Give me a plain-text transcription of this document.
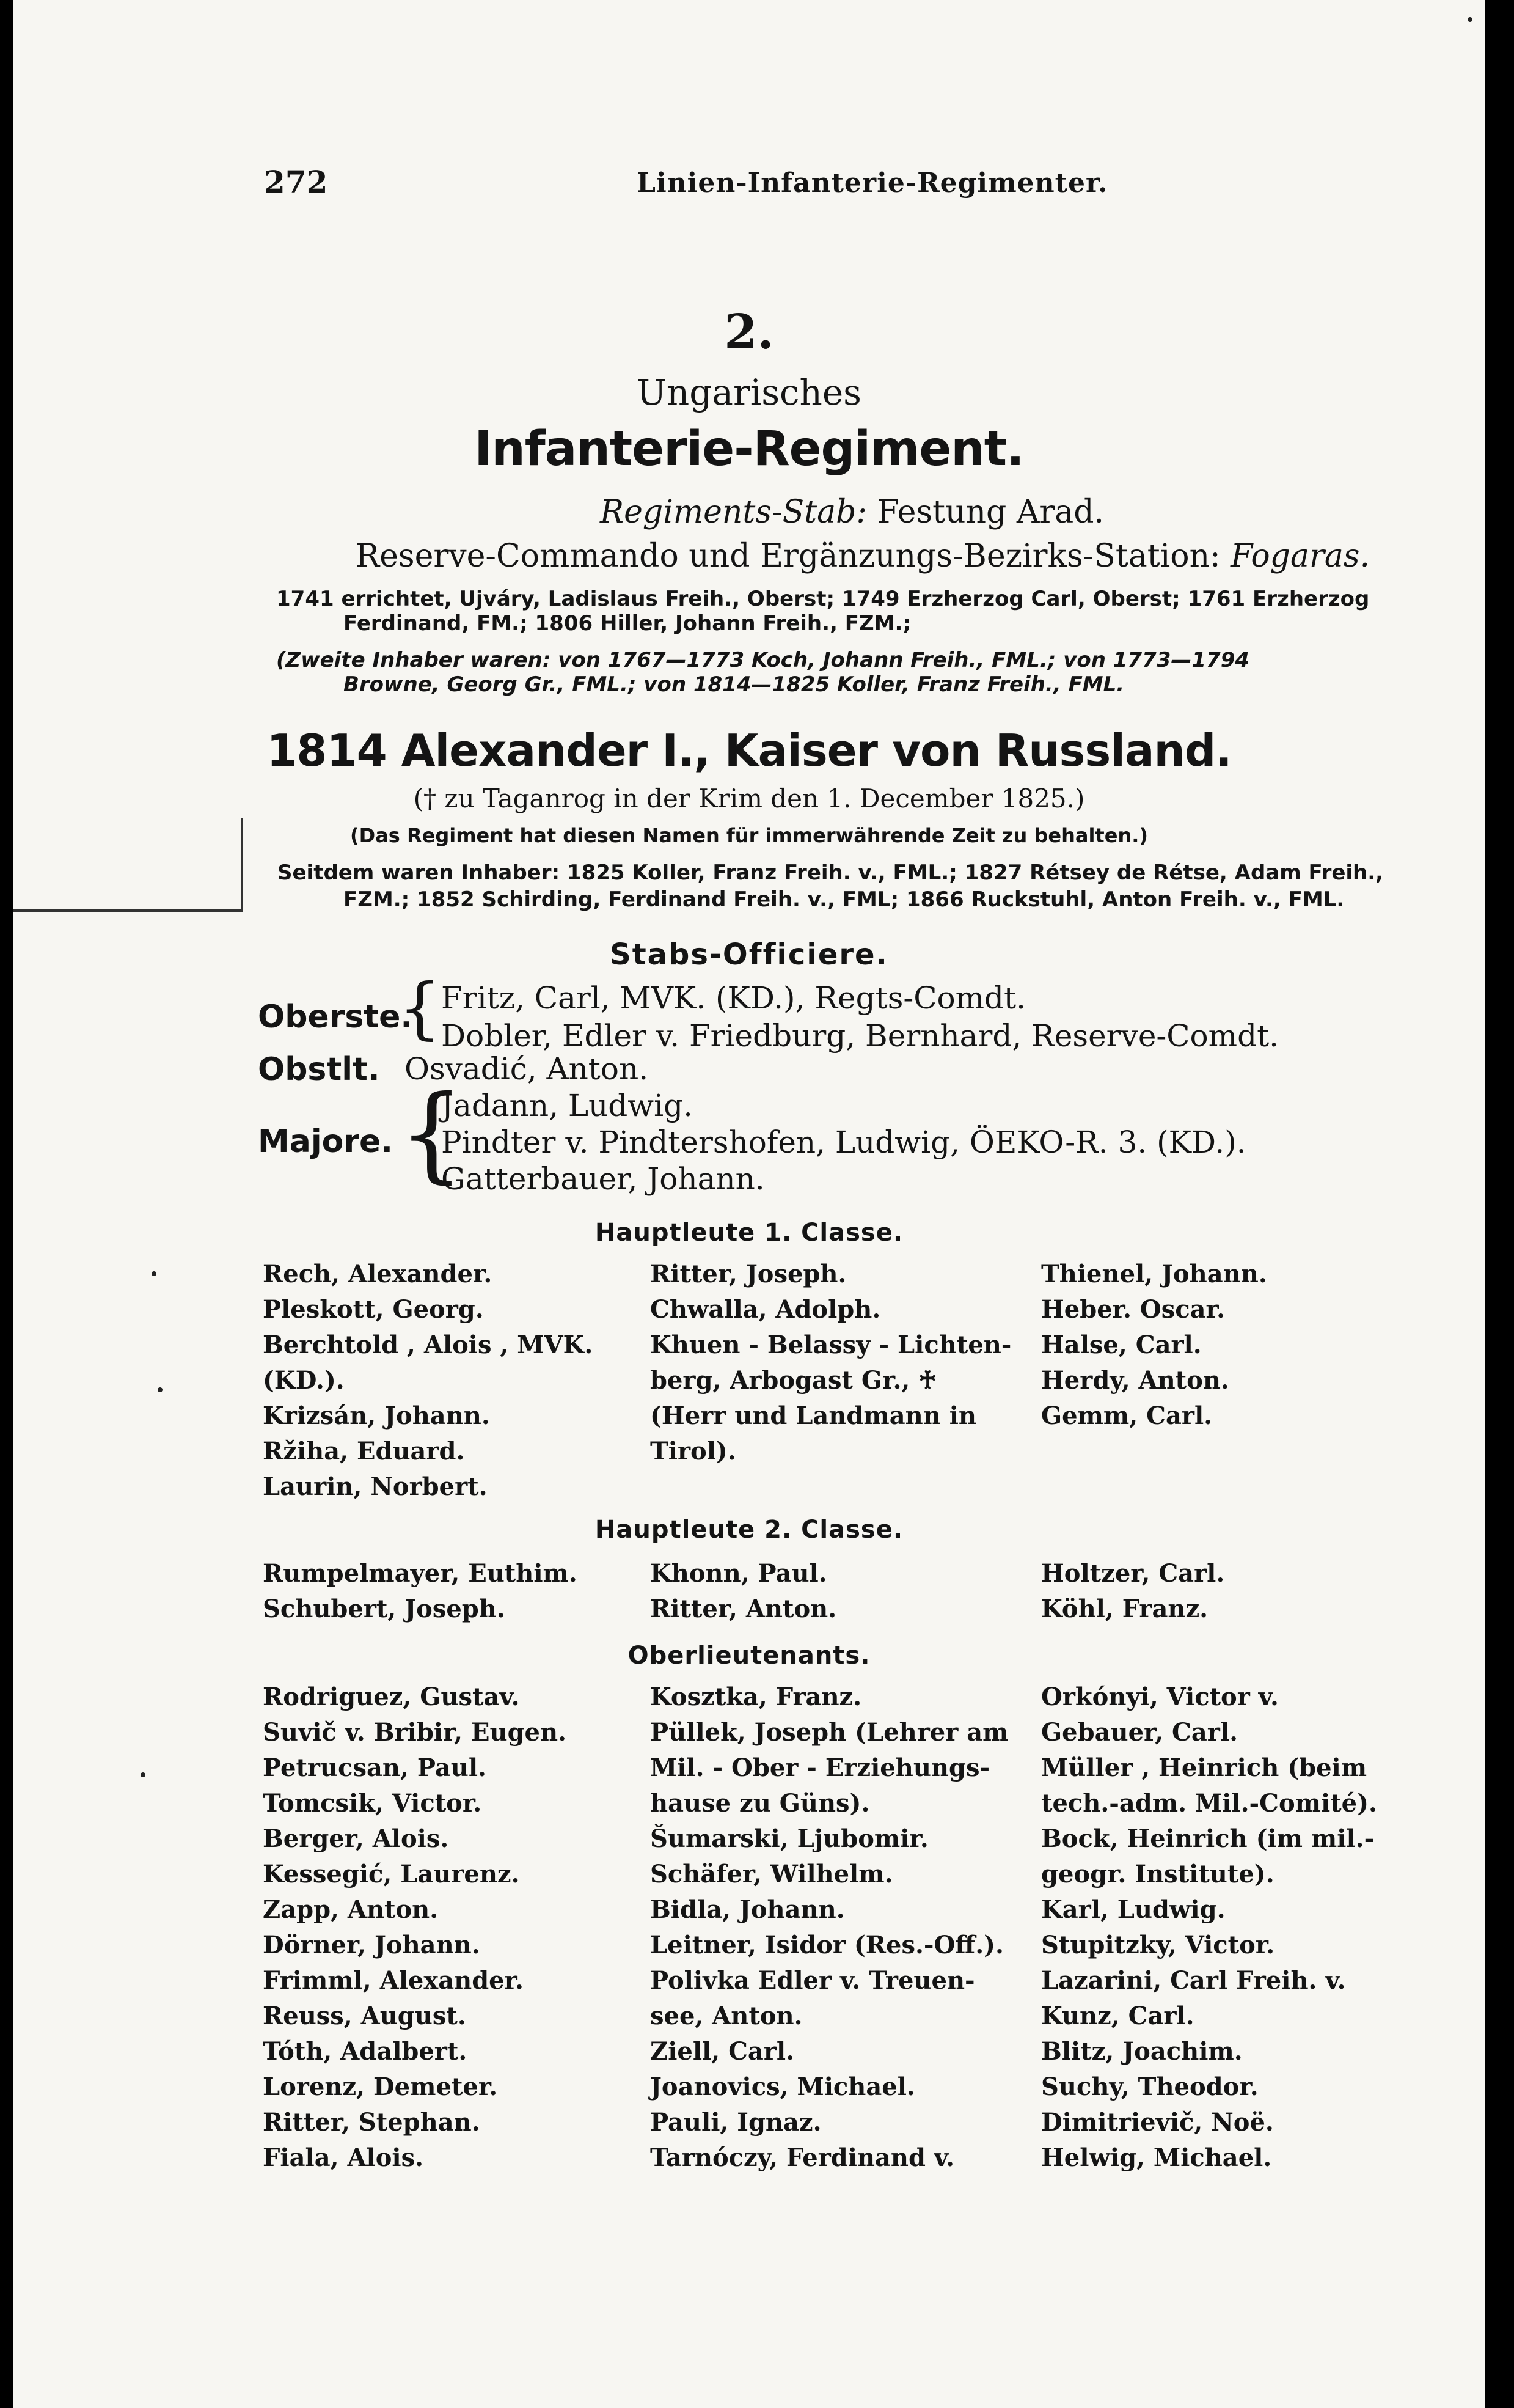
272	Linien-Infanterie-Regimenter.
2.
Ungarisches
Infanterie-Regiment.
Regiments-Stab: Festung Arad.
Reserve-Commando und Ergänzungs-Bezirks-Station: Fogaras.
1741 errichtet, Ujváry, Ladislaus Freih., Oberst; 1749 Erzherzog Carl, Oberst; 1761 Erzherzog
Ferdinand, FM.; 1806 Hiller, Johann Freih., FZM.;
(Zweite Inhaber waren: von 1767—1773 Koch, Johann Freih., FML.; von 1773—1794
Browne, Georg Gr., FML.; von 1814—1825 Koller, Franz Freih., FML.
1814 Alexander I., Kaiser von Russland.
(† zu Taganrog in der Krim den 1. December 1825.)
(Das Regiment hat diesen Namen für immerwährende Zeit zu behalten.)
Seitdem waren Inhaber: 1825 Koller, Franz Freih. v., FML.; 1827 Rétsey de Rétse, Adam Freih.,
FZM.; 1852 Schirding, Ferdinand Freih. v., FML; 1866 Ruckstuhl, Anton Freih. v., FML.
Stabs-Officiere.
Oberste.
{ Fritz, Carl, MVK. (KD.), Regts-Comdt.
Dobler, Edler v. Friedburg, Bernhard, Reserve-Comdt.
Obstlt. Osvadić, Anton.
Majore. {
Jadann, Ludwig.
Pindter v. Pindtershofen, Ludwig, ÖEKO-R. 3. (KD.).
Gatterbauer, Johann.
Hauptleute 1. Classe.
Rech, Alexander.
Pleskott, Georg.
Berchtold , Alois , MVK.
(KD.).
Krizsán, Johann.
Ržiha, Eduard.
Laurin, Norbert.
Ritter, Joseph.
Chwalla, Adolph.
Khuen - Belassy - Lichten-
berg, Arbogast Gr., ♰
(Herr und Landmann in
Tirol).
Thienel, Johann.
Heber. Oscar.
Halse, Carl.
Herdy, Anton.
Gemm, Carl.
Hauptleute 2. Classe.
Rumpelmayer, Euthim.
Schubert, Joseph.
Khonn, Paul.
Ritter, Anton.
Holtzer, Carl.
Köhl, Franz.
Oberlieutenants.
Rodriguez, Gustav.
Suvič v. Bribir, Eugen.
Petrucsan, Paul.
Tomcsik, Victor.
Berger, Alois.
Kessegić, Laurenz.
Zapp, Anton.
Dörner, Johann.
Frimml, Alexander.
Reuss, August.
Tóth, Adalbert.
Lorenz, Demeter.
Ritter, Stephan.
Fiala, Alois.
Kosztka, Franz.
Püllek, Joseph (Lehrer am
Mil. - Ober - Erziehungs-
hause zu Güns).
Šumarski, Ljubomir.
Schäfer, Wilhelm.
Bidla, Johann.
Leitner, Isidor (Res.-Off.).
Polivka Edler v. Treuen-
see, Anton.
Ziell, Carl.
Joanovics, Michael.
Pauli, Ignaz.
Tarnóczy, Ferdinand v.
Orkónyi, Victor v.
Gebauer, Carl.
Müller , Heinrich (beim
tech.-adm. Mil.-Comité).
Bock, Heinrich (im mil.-
geogr. Institute).
Karl, Ludwig.
Stupitzky, Victor.
Lazarini, Carl Freih. v.
Kunz, Carl.
Blitz, Joachim.
Suchy, Theodor.
Dimitrievič, Noë.
Helwig, Michael.
